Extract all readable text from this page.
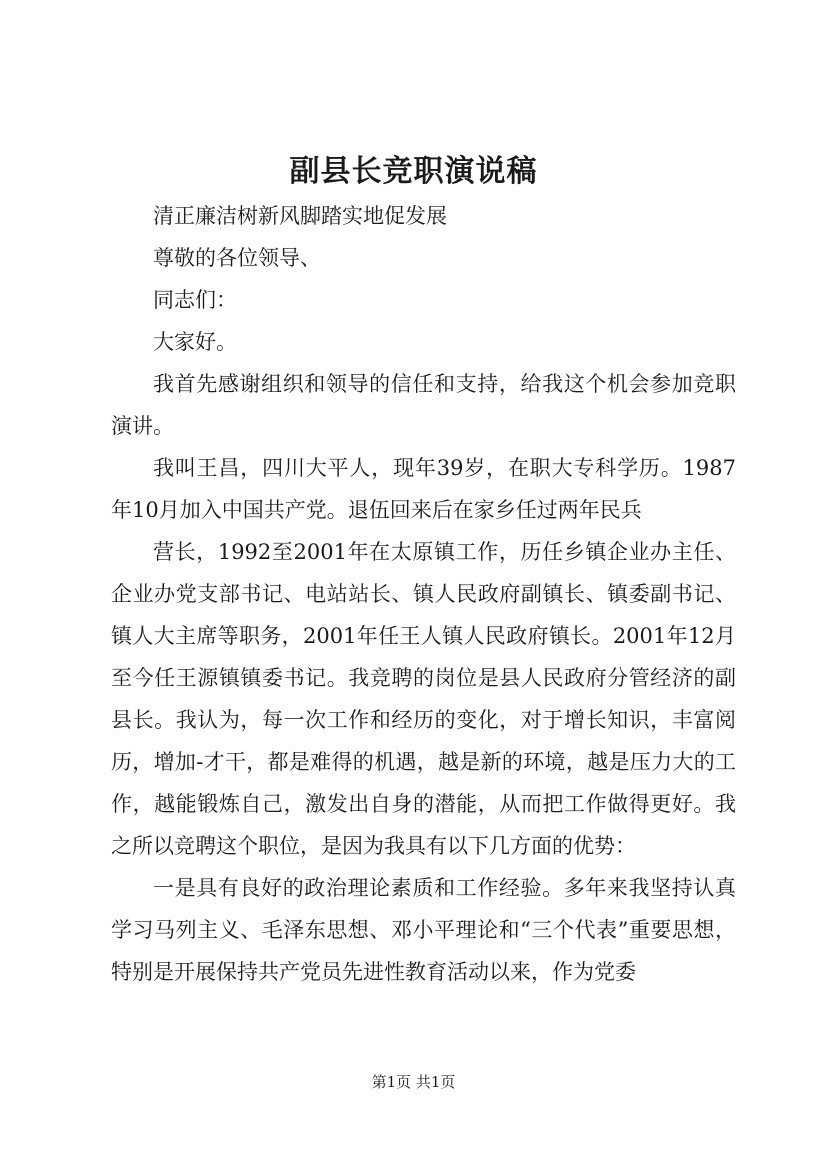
副县长竞职演说稿

清正廉洁树新风脚踏实地促发展

尊敬的各位领导、

同志们：

大家好。

我首先感谢组织和领导的信任和支持，给我这个机会参加竞职演讲。

我叫王昌，四川大平人，现年39岁，在职大专科学历。1987年10月加入中国共产党。退伍回来后在家乡任过两年民兵

营长，1992至2001年在太原镇工作，历任乡镇企业办主任、企业办党支部书记、电站站长、镇人民政府副镇长、镇委副书记、镇人大主席等职务，2001年任王人镇人民政府镇长。2001年12月至今任王源镇镇委书记。我竞聘的岗位是县人民政府分管经济的副县长。我认为，每一次工作和经历的变化，对于增长知识，丰富阅历，增加-才干，都是难得的机遇，越是新的环境，越是压力大的工作，越能锻炼自己，激发出自身的潜能，从而把工作做得更好。我之所以竞聘这个职位，是因为我具有以下几方面的优势：

一是具有良好的政治理论素质和工作经验。多年来我坚持认真学习马列主义、毛泽东思想、邓小平理论和“三个代表”重要思想，特别是开展保持共产党员先进性教育活动以来，作为党委

第1页 共1页
